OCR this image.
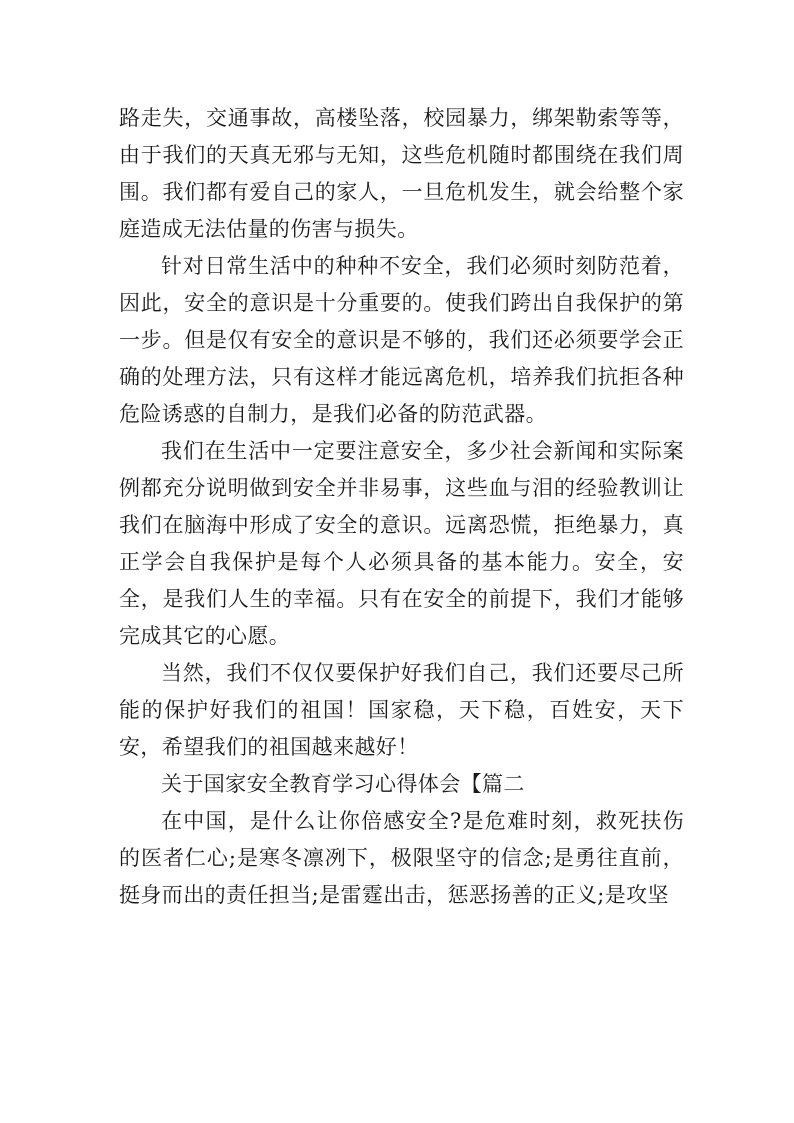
路走失，交通事故，高楼坠落，校园暴力，绑架勒索等等，由于我们的天真无邪与无知，这些危机随时都围绕在我们周围。我们都有爱自己的家人，一旦危机发生，就会给整个家庭造成无法估量的伤害与损失。

针对日常生活中的种种不安全，我们必须时刻防范着，因此，安全的意识是十分重要的。使我们跨出自我保护的第一步。但是仅有安全的意识是不够的，我们还必须要学会正确的处理方法，只有这样才能远离危机，培养我们抗拒各种危险诱惑的自制力，是我们必备的防范武器。

我们在生活中一定要注意安全，多少社会新闻和实际案例都充分说明做到安全并非易事，这些血与泪的经验教训让我们在脑海中形成了安全的意识。远离恐慌，拒绝暴力，真正学会自我保护是每个人必须具备的基本能力。安全，安全，是我们人生的幸福。只有在安全的前提下，我们才能够完成其它的心愿。

当然，我们不仅仅要保护好我们自己，我们还要尽己所能的保护好我们的祖国！国家稳，天下稳，百姓安，天下安，希望我们的祖国越来越好！

关于国家安全教育学习心得体会【篇二

在中国，是什么让你倍感安全?是危难时刻，救死扶伤的医者仁心;是寒冬凛冽下，极限坚守的信念;是勇往直前，挺身而出的责任担当;是雷霆出击，惩恶扬善的正义;是攻坚
